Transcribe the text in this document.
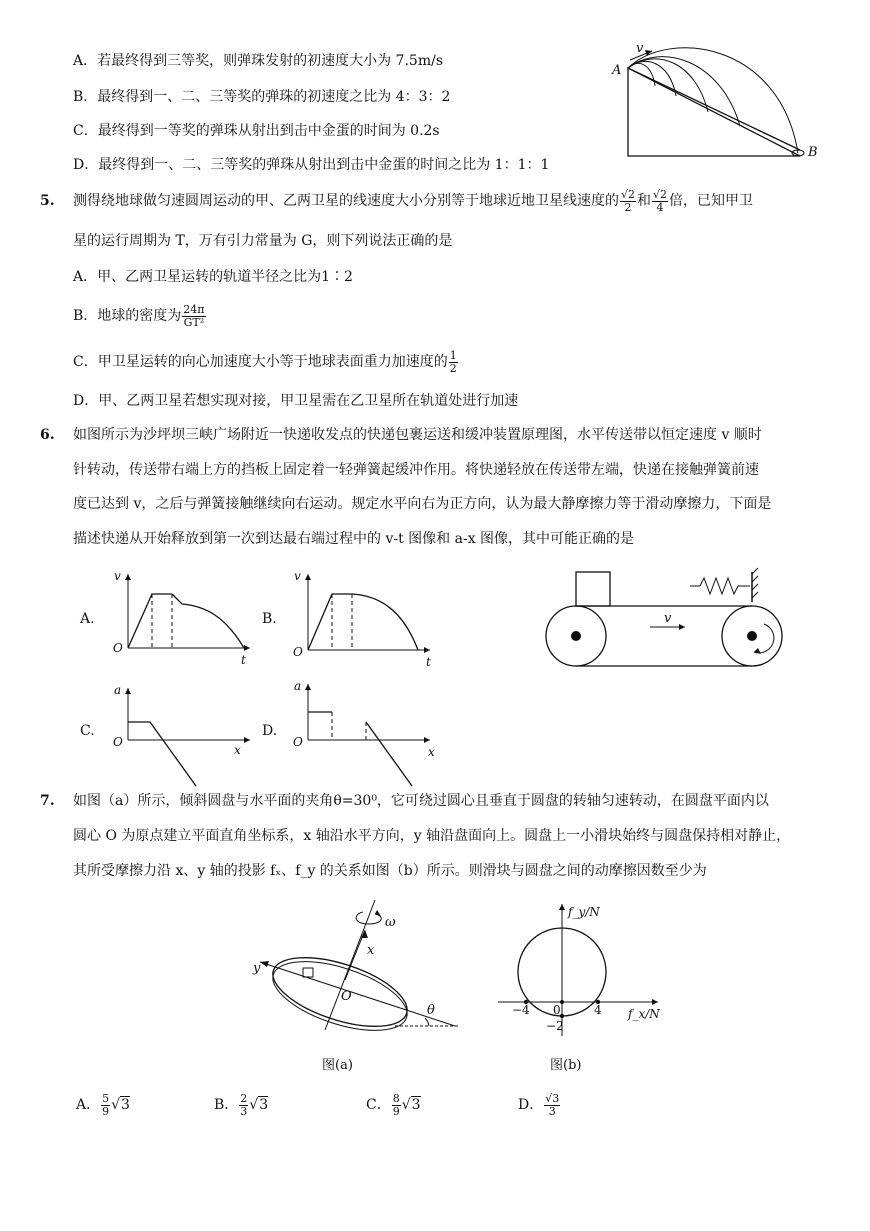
A．若最终得到三等奖，则弹珠发射的初速度大小为 7.5m/s
B．最终得到一、二、三等奖的弹珠的初速度之比为 4：3：2
C．最终得到一等奖的弹珠从射出到击中金蛋的时间为 0.2s
D．最终得到一、二、三等奖的弹珠从射出到击中金蛋的时间之比为 1：1：1
v
A
B
5. 测得绕地球做匀速圆周运动的甲、乙两卫星的线速度大小分别等于地球近地卫星线速度的 $\frac{√2}{2}$ 和 $\frac{√2}{4}$ 倍，已知甲卫
星的运行周期为 T，万有引力常量为 G，则下列说法正确的是
A．甲、乙两卫星运转的轨道半径之比为1∶2
B．地球的密度为 $\frac{24\pi}{\text{GT²}}$
C．甲卫星运转的向心加速度大小等于地球表面重力加速度的 $\frac{1}{2}$
D．甲、乙两卫星若想实现对接，甲卫星需在乙卫星所在轨道处进行加速
6. 如图所示为沙坪坝三峡广场附近一快递收发点的快递包裹运送和缓冲装置原理图，水平传送带以恒定速度 v 顺时
针转动，传送带右端上方的挡板上固定着一轻弹簧起缓冲作用。将快递轻放在传送带左端，快递在接触弹簧前速
度已达到 v，之后与弹簧接触继续向右运动。规定水平向右为正方向，认为最大静摩擦力等于滑动摩擦力，下面是
描述快递从开始释放到第一次到达最右端过程中的 v-t 图像和 a-x 图像，其中可能正确的是
A.	B.
C.	D.
v
O
t
v
O
t
a
O
x
a
O
x
v
7. 如图（a）所示，倾斜圆盘与水平面的夹角θ=30⁰，它可绕过圆心且垂直于圆盘的转轴匀速转动，在圆盘平面内以
圆心 O 为原点建立平面直角坐标系，x 轴沿水平方向，y 轴沿盘面向上。圆盘上一小滑块始终与圆盘保持相对静止，
其所受摩擦力沿 x、y 轴的投影 fₓ、f_y 的关系如图（b）所示。则滑块与圆盘之间的动摩擦因数至少为
ω
x
y
O
θ
图(a)
f_y/N
f_x/N
−4 0	4
−2
图(b)
A． $\frac{5}{9} √3$	B． $\frac{2}{3} √3$	C． $\frac{8}{9} √3$	D． $\frac{√3}{3}$
